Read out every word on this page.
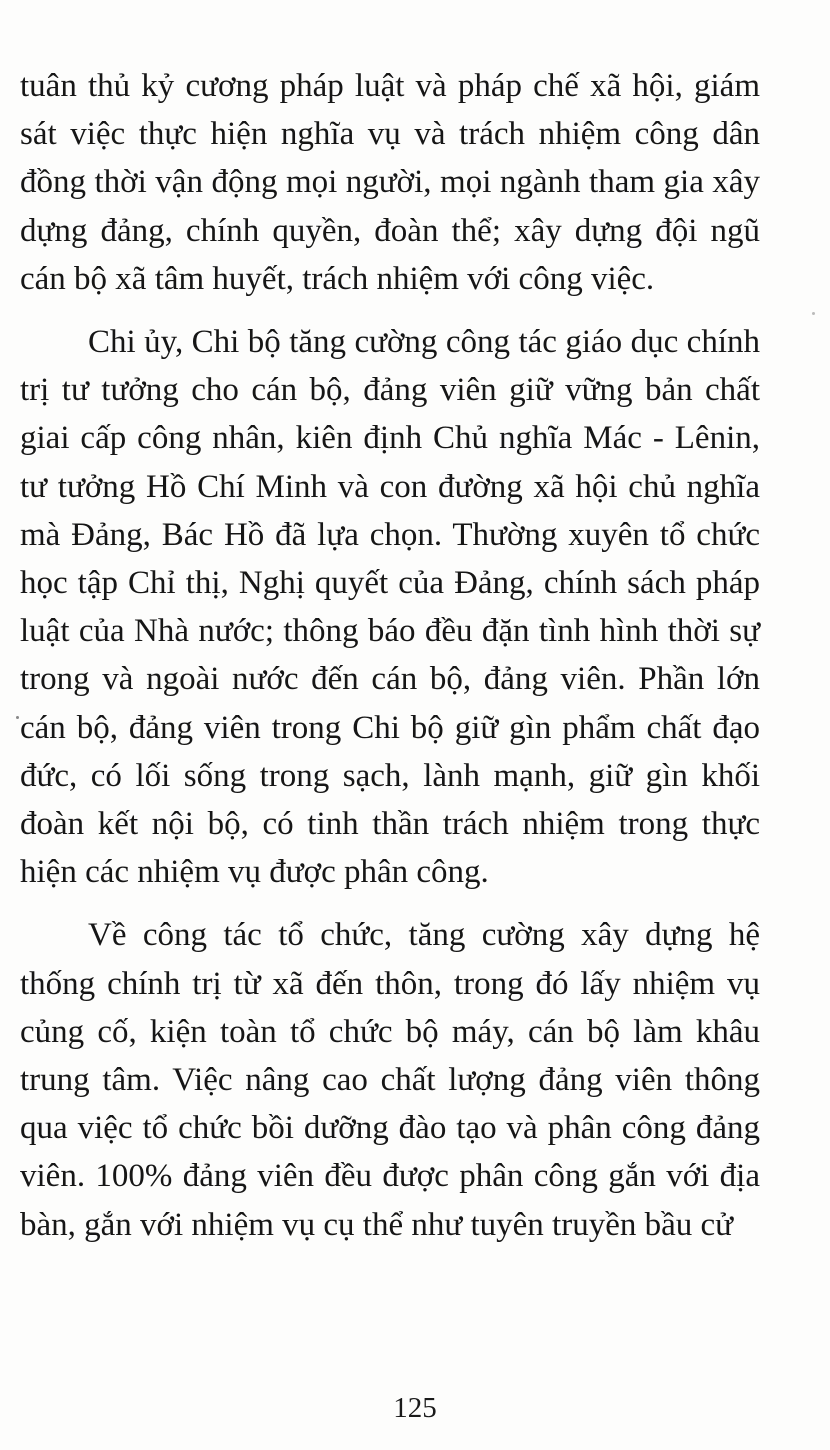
tuân thủ kỷ cương pháp luật và pháp chế xã hội, giám sát việc thực hiện nghĩa vụ và trách nhiệm công dân đồng thời vận động mọi người, mọi ngành tham gia xây dựng đảng, chính quyền, đoàn thể; xây dựng đội ngũ cán bộ xã tâm huyết, trách nhiệm với công việc.

Chi ủy, Chi bộ tăng cường công tác giáo dục chính trị tư tưởng cho cán bộ, đảng viên giữ vững bản chất giai cấp công nhân, kiên định Chủ nghĩa Mác - Lênin, tư tưởng Hồ Chí Minh và con đường xã hội chủ nghĩa mà Đảng, Bác Hồ đã lựa chọn. Thường xuyên tổ chức học tập Chỉ thị, Nghị quyết của Đảng, chính sách pháp luật của Nhà nước; thông báo đều đặn tình hình thời sự trong và ngoài nước đến cán bộ, đảng viên. Phần lớn cán bộ, đảng viên trong Chi bộ giữ gìn phẩm chất đạo đức, có lối sống trong sạch, lành mạnh, giữ gìn khối đoàn kết nội bộ, có tinh thần trách nhiệm trong thực hiện các nhiệm vụ được phân công.

Về công tác tổ chức, tăng cường xây dựng hệ thống chính trị từ xã đến thôn, trong đó lấy nhiệm vụ củng cố, kiện toàn tổ chức bộ máy, cán bộ làm khâu trung tâm. Việc nâng cao chất lượng đảng viên thông qua việc tổ chức bồi dưỡng đào tạo và phân công đảng viên. 100% đảng viên đều được phân công gắn với địa bàn, gắn với nhiệm vụ cụ thể như tuyên truyền bầu cử

125
